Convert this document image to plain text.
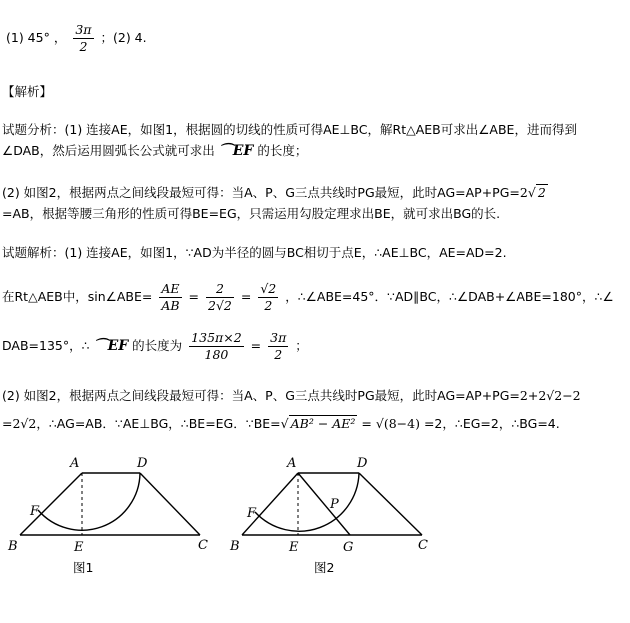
(1) 45° ， $\frac{3\pi}{2}$ ；(2) 4.
【解析】
试题分析：(1) 连接AE，如图1，根据圆的切线的性质可得AE⊥BC，解Rt△AEB可求出∠ABE，进而得到
∠DAB，然后运用圆弧长公式就可求出 ⌒EF 的长度；
(2) 如图2，根据两点之间线段最短可得：当A、P、G三点共线时PG最短，此时AG=AP+PG=2√ 2
=AB，根据等腰三角形的性质可得BE=EG，只需运用勾股定理求出BE，就可求出BG的长.
试题解析：(1) 连接AE，如图1，∵AD为半径的圆与BC相切于点E，∴AE⊥BC，AE=AD=2.
在Rt△AEB中，sin∠ABE= $\frac{AE}{AB} = \frac{2}{2√2} = \frac{√2}{2}$ ，∴∠ABE=45°．∵AD∥BC，∴∠DAB+∠ABE=180°，∴∠
DAB=135°，∴ ⌒EF 的长度为 $\frac{135\pi\times 2}{180} = \frac{3\pi}{2}$ ；
(2) 如图2，根据两点之间线段最短可得：当A、P、G三点共线时PG最短，此时AG=AP+PG=2+2√2−2
=2√2，∴AG=AB．∵AE⊥BG，∴BE=EG．∵BE=√ AB² − AE² = √(8−4) =2，∴EG=2，∴BG=4.
A	D
F
B	E	C
图1
A	D
F
P
B	E	G	C
图2
